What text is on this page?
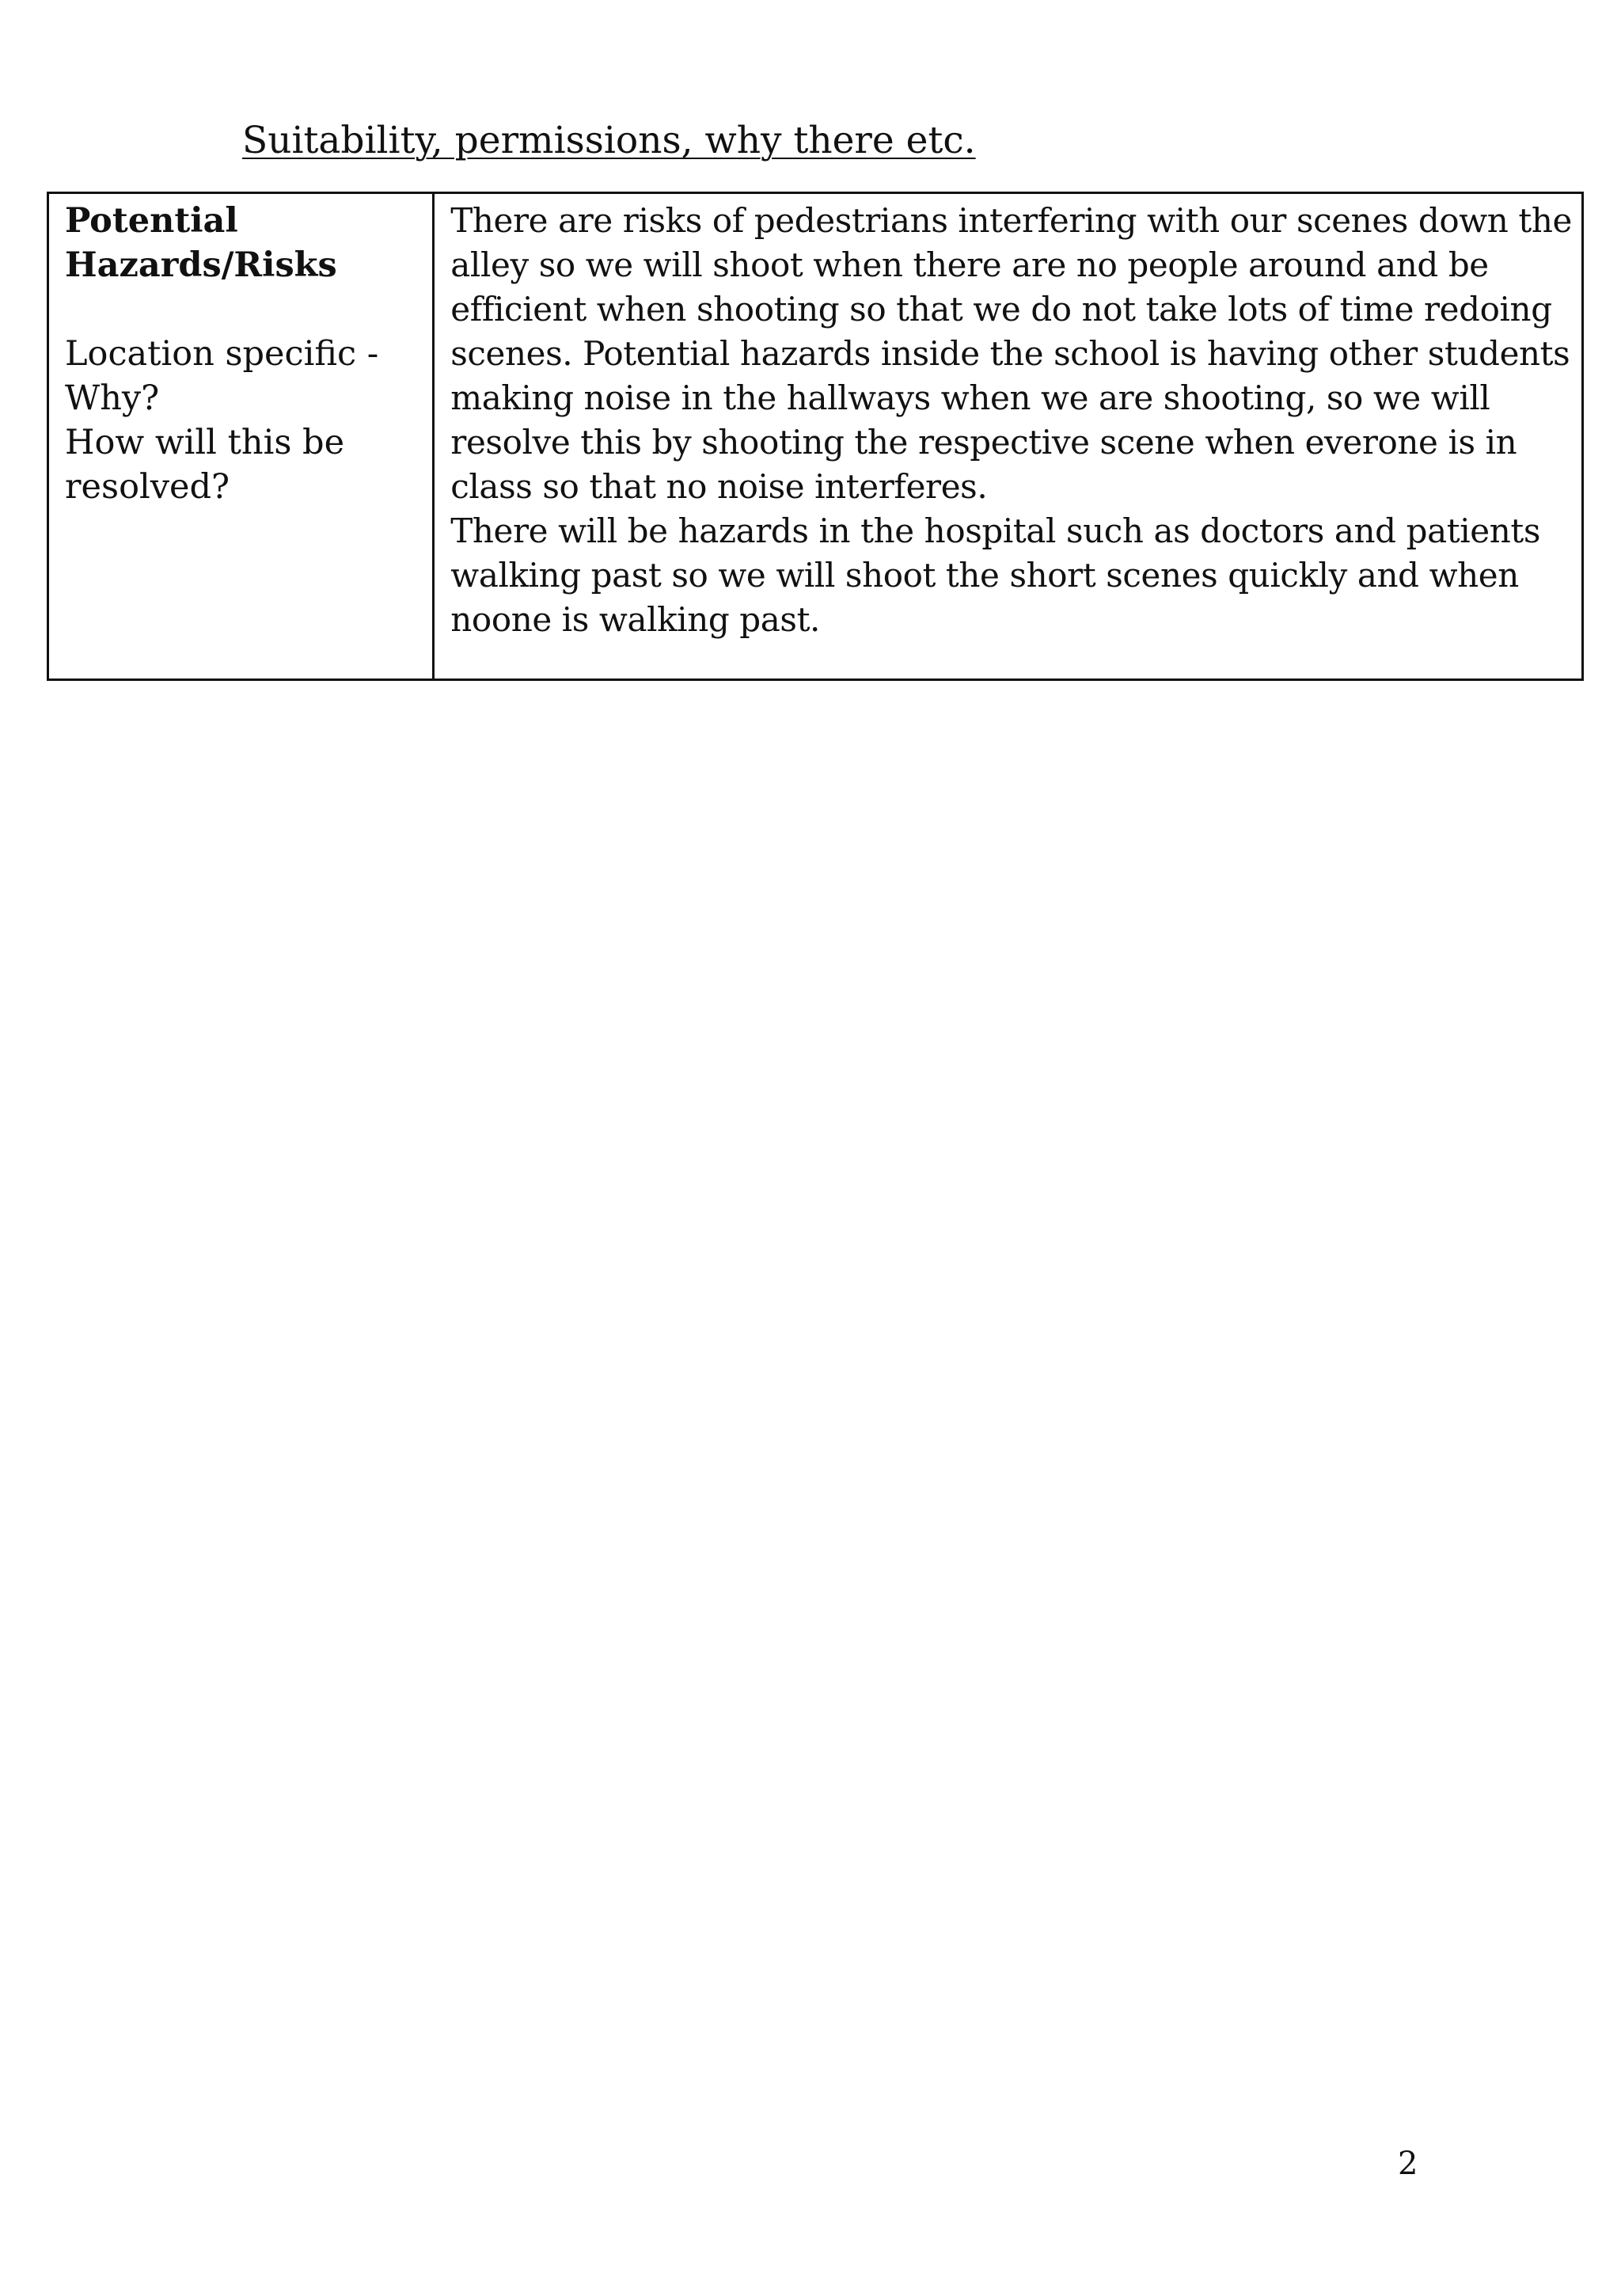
Suitability, permissions, why there etc.
Potential
Hazards/Risks
Location specific -
Why?
How will this be
resolved?
There are risks of pedestrians interfering with our scenes down the
alley so we will shoot when there are no people around and be
efficient when shooting so that we do not take lots of time redoing
scenes. Potential hazards inside the school is having other students
making noise in the hallways when we are shooting, so we will
resolve this by shooting the respective scene when everone is in
class so that no noise interferes.
There will be hazards in the hospital such as doctors and patients
walking past so we will shoot the short scenes quickly and when
noone is walking past.
2
